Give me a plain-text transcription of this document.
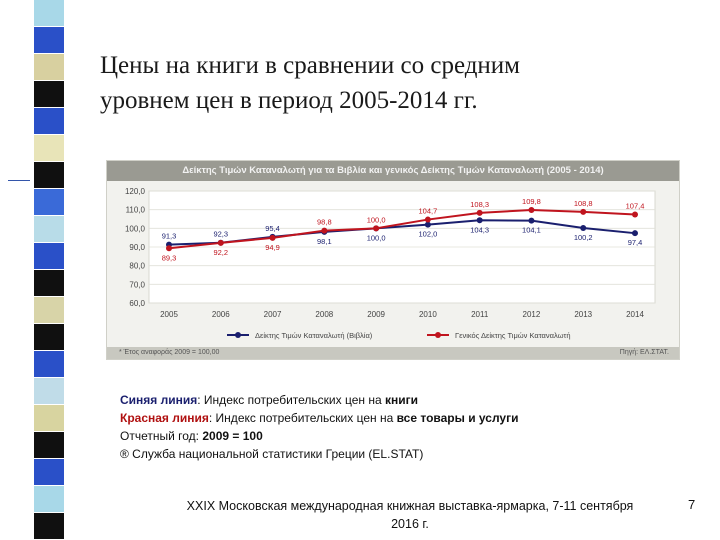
Цены на книги в сравнении со средним
уровнем цен в период 2005-2014 гг.
Δείκτης Τιμών Καταναλωτή για τα Βιβλία και γενικός Δείκτης Τιμών Καταναλωτή (2005 - 2014)
60,0
70,0
80,0
90,0
100,0
110,0
120,0
2005	2006	2007	2008	2009	2010	2011	2012	2013	2014
91,3	92,3
95,4
98,1	100,0	102,0	104,3	104,1
100,2
97,4
Δείκτης Τιμών Καταναλωτή (Βιβλία)
89,3
92,2
94,9
98,8	100,0
104,7
108,3	109,8	108,8	107,4
Γενικός Δείκτης Τιμών Καταναλωτή
* Έτος αναφοράς 2009 = 100,00	Πηγή: ΕΛ.ΣΤΑΤ.

Синяя линия: Индекс потребительских цен на книги

Красная линия: Индекс потребительских цен на все товары и услуги

Отчетный год: 2009 = 100

® Служба национальной статистики Греции (EL.STAT)

XXIX Московская международная книжная выставка-ярмарка, 7-11 сентября
2016 г.
7
